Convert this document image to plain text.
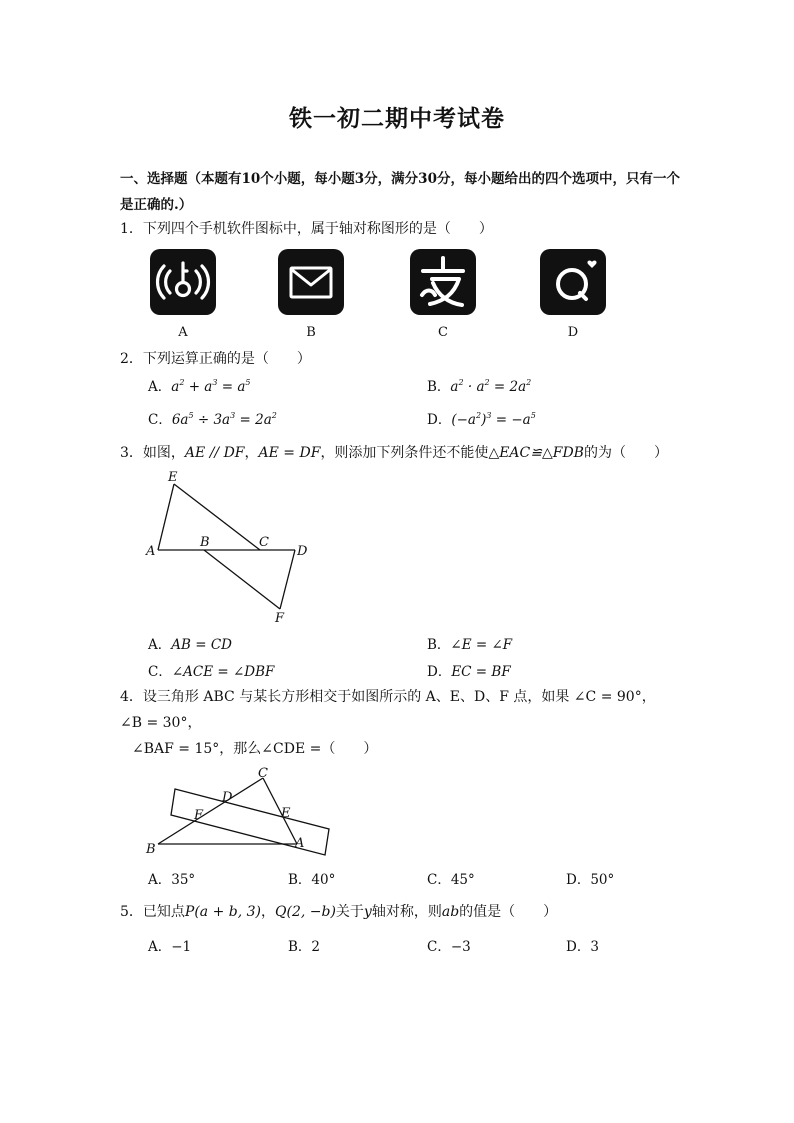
铁一初二期中考试卷
一、选择题（本题有10个小题，每小题3分，满分30分，每小题给出的四个选项中，只有一个是正确的.）
1．下列四个手机软件图标中，属于轴对称图形的是（　　）
A	B	C	D
2．下列运算正确的是（　　）
A．$a^2 + a^3 = a^5$	B．$a^2 \cdot a^2 = 2a^2$
C．$6a^5 \div 3a^3 = 2a^2$	D．$(-a^2)^3 = -a^5$
3．如图，AE // DF，AE = DF，则添加下列条件还不能使△EAC≌△FDB的为（　　）
E
A
B	C
D
F
A．AB = CD	B．∠E = ∠F
C．∠ACE = ∠DBF	D．EC = BF
4．设三角形 ABC 与某长方形相交于如图所示的 A、E、D、F 点，如果 ∠C = 90°，
∠B = 30°，
∠BAF = 15°，那么∠CDE =（　　）
C
D
F	E
B	A
A．35°	B．40°	C．45°	D．50°
5．已知点P(a + b, 3)，Q(2, −b)关于y轴对称，则ab的值是（　　）
A．−1	B．2	C．−3	D．3
